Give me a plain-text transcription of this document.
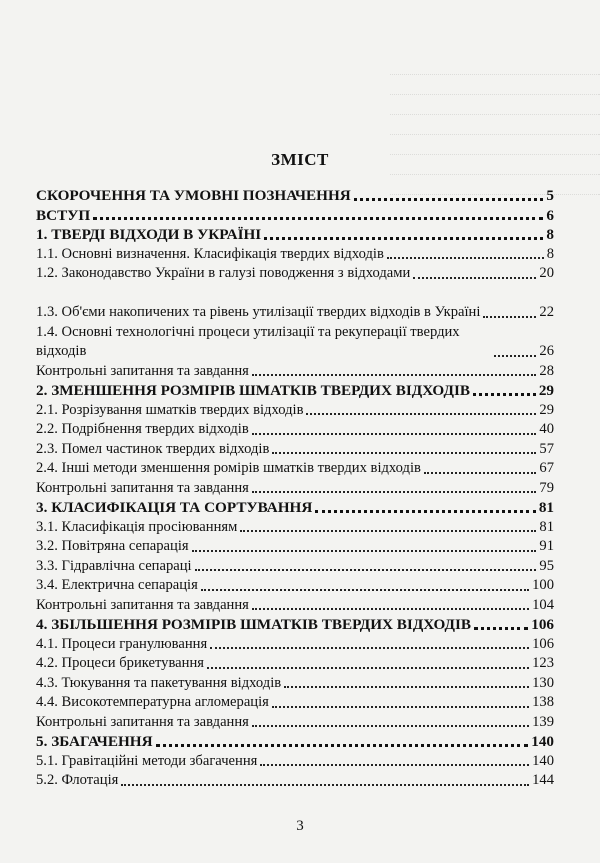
ЗМІСТ
СКОРОЧЕННЯ ТА УМОВНІ ПОЗНАЧЕННЯ	5
ВСТУП	6
1. ТВЕРДІ ВІДХОДИ В УКРАЇНІ	8
1.1. Основні визначення. Класифікація твердих відходів	8
1.2. Законодавство України в галузі поводження з відходами	20
1.3. Об'єми накопичених та рівень утилізації твердих відходів в Україні	22
1.4. Основні технологічні процеси утилізації та рекуперації твердих відходів	26
Контрольні запитання та завдання	28
2. ЗМЕНШЕННЯ РОЗМІРІВ ШМАТКІВ ТВЕРДИХ ВІДХОДІВ	29
2.1. Розрізування шматків твердих відходів	29
2.2. Подрібнення твердих відходів	40
2.3. Помел частинок твердих відходів	57
2.4. Інші методи зменшення ромірів шматків твердих відходів	67
Контрольні запитання та завдання	79
3. КЛАСИФІКАЦІЯ ТА СОРТУВАННЯ	81
3.1. Класифікація просіюванням	81
3.2. Повітряна сепарація	91
3.3. Гідравлічна сепараці	95
3.4. Електрична сепарація	100
Контрольні запитання та завдання	104
4. ЗБІЛЬШЕННЯ РОЗМІРІВ ШМАТКІВ ТВЕРДИХ ВІДХОДІВ	106
4.1. Процеси гранулювання	106
4.2. Процеси брикетування	123
4.3. Тюкування та пакетування відходів	130
4.4. Високотемпературна агломерація	138
Контрольні запитання та завдання	139
5. ЗБАГАЧЕННЯ	140
5.1. Гравітаційні методи збагачення	140
5.2. Флотація	144
3
